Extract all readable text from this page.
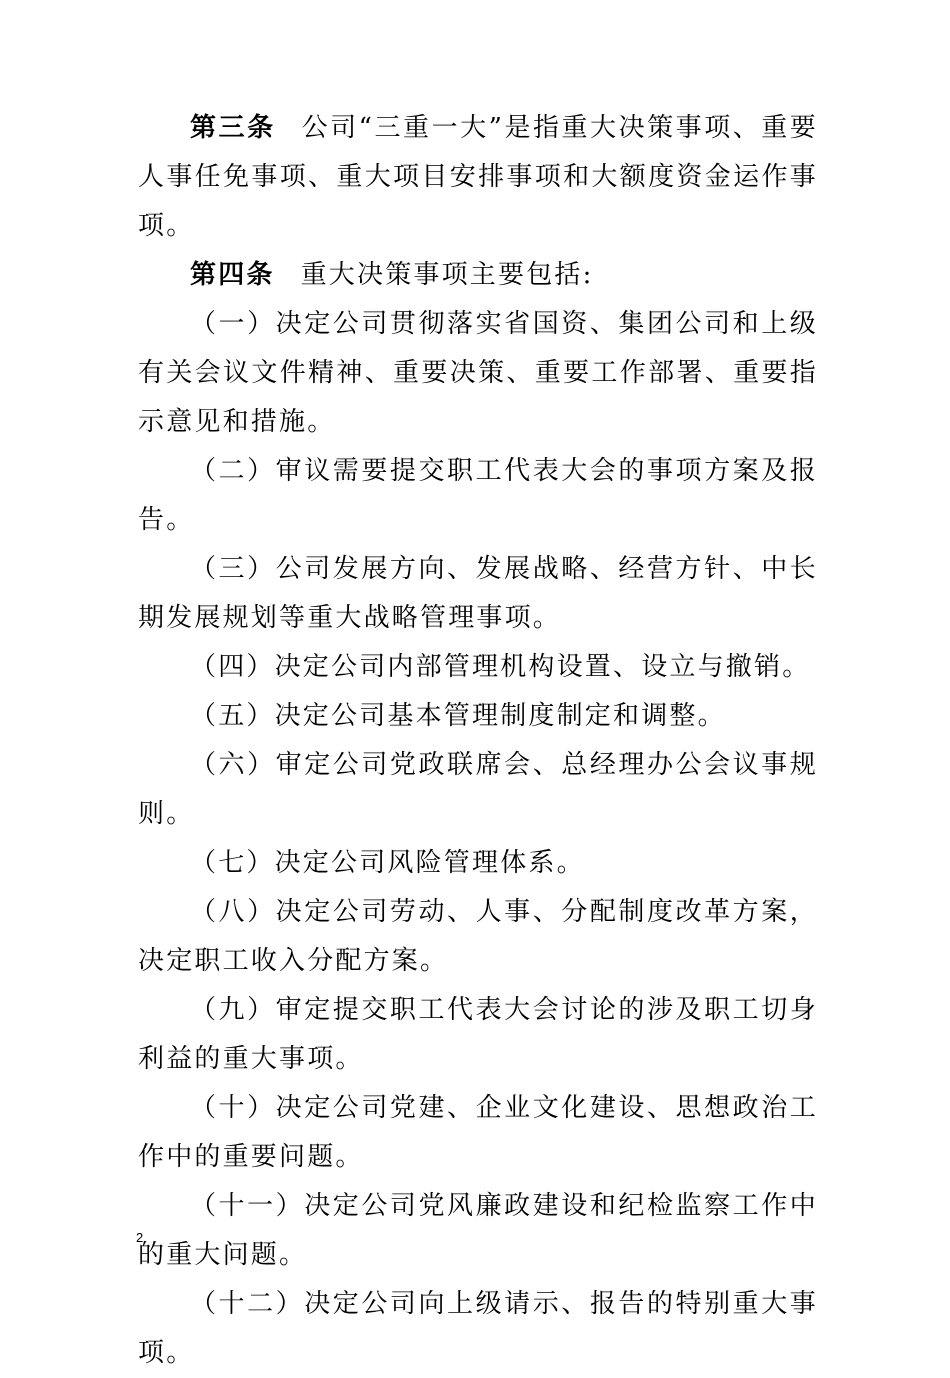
第三条 公司“三重一大”是指重大决策事项、重要人事任免事项、重大项目安排事项和大额度资金运作事项。

第四条 重大决策事项主要包括:

（一）决定公司贯彻落实省国资、集团公司和上级有关会议文件精神、重要决策、重要工作部署、重要指示意见和措施。

（二）审议需要提交职工代表大会的事项方案及报告。

（三）公司发展方向、发展战略、经营方针、中长期发展规划等重大战略管理事项。

（四）决定公司内部管理机构设置、设立与撤销。

（五）决定公司基本管理制度制定和调整。

（六）审定公司党政联席会、总经理办公会议事规则。

（七）决定公司风险管理体系。

（八）决定公司劳动、人事、分配制度改革方案，决定职工收入分配方案。

（九）审定提交职工代表大会讨论的涉及职工切身利益的重大事项。

（十）决定公司党建、企业文化建设、思想政治工作中的重要问题。

（十一）决定公司党风廉政建设和纪检监察工作中的重大问题。

（十二）决定公司向上级请示、报告的特别重大事项。

2
